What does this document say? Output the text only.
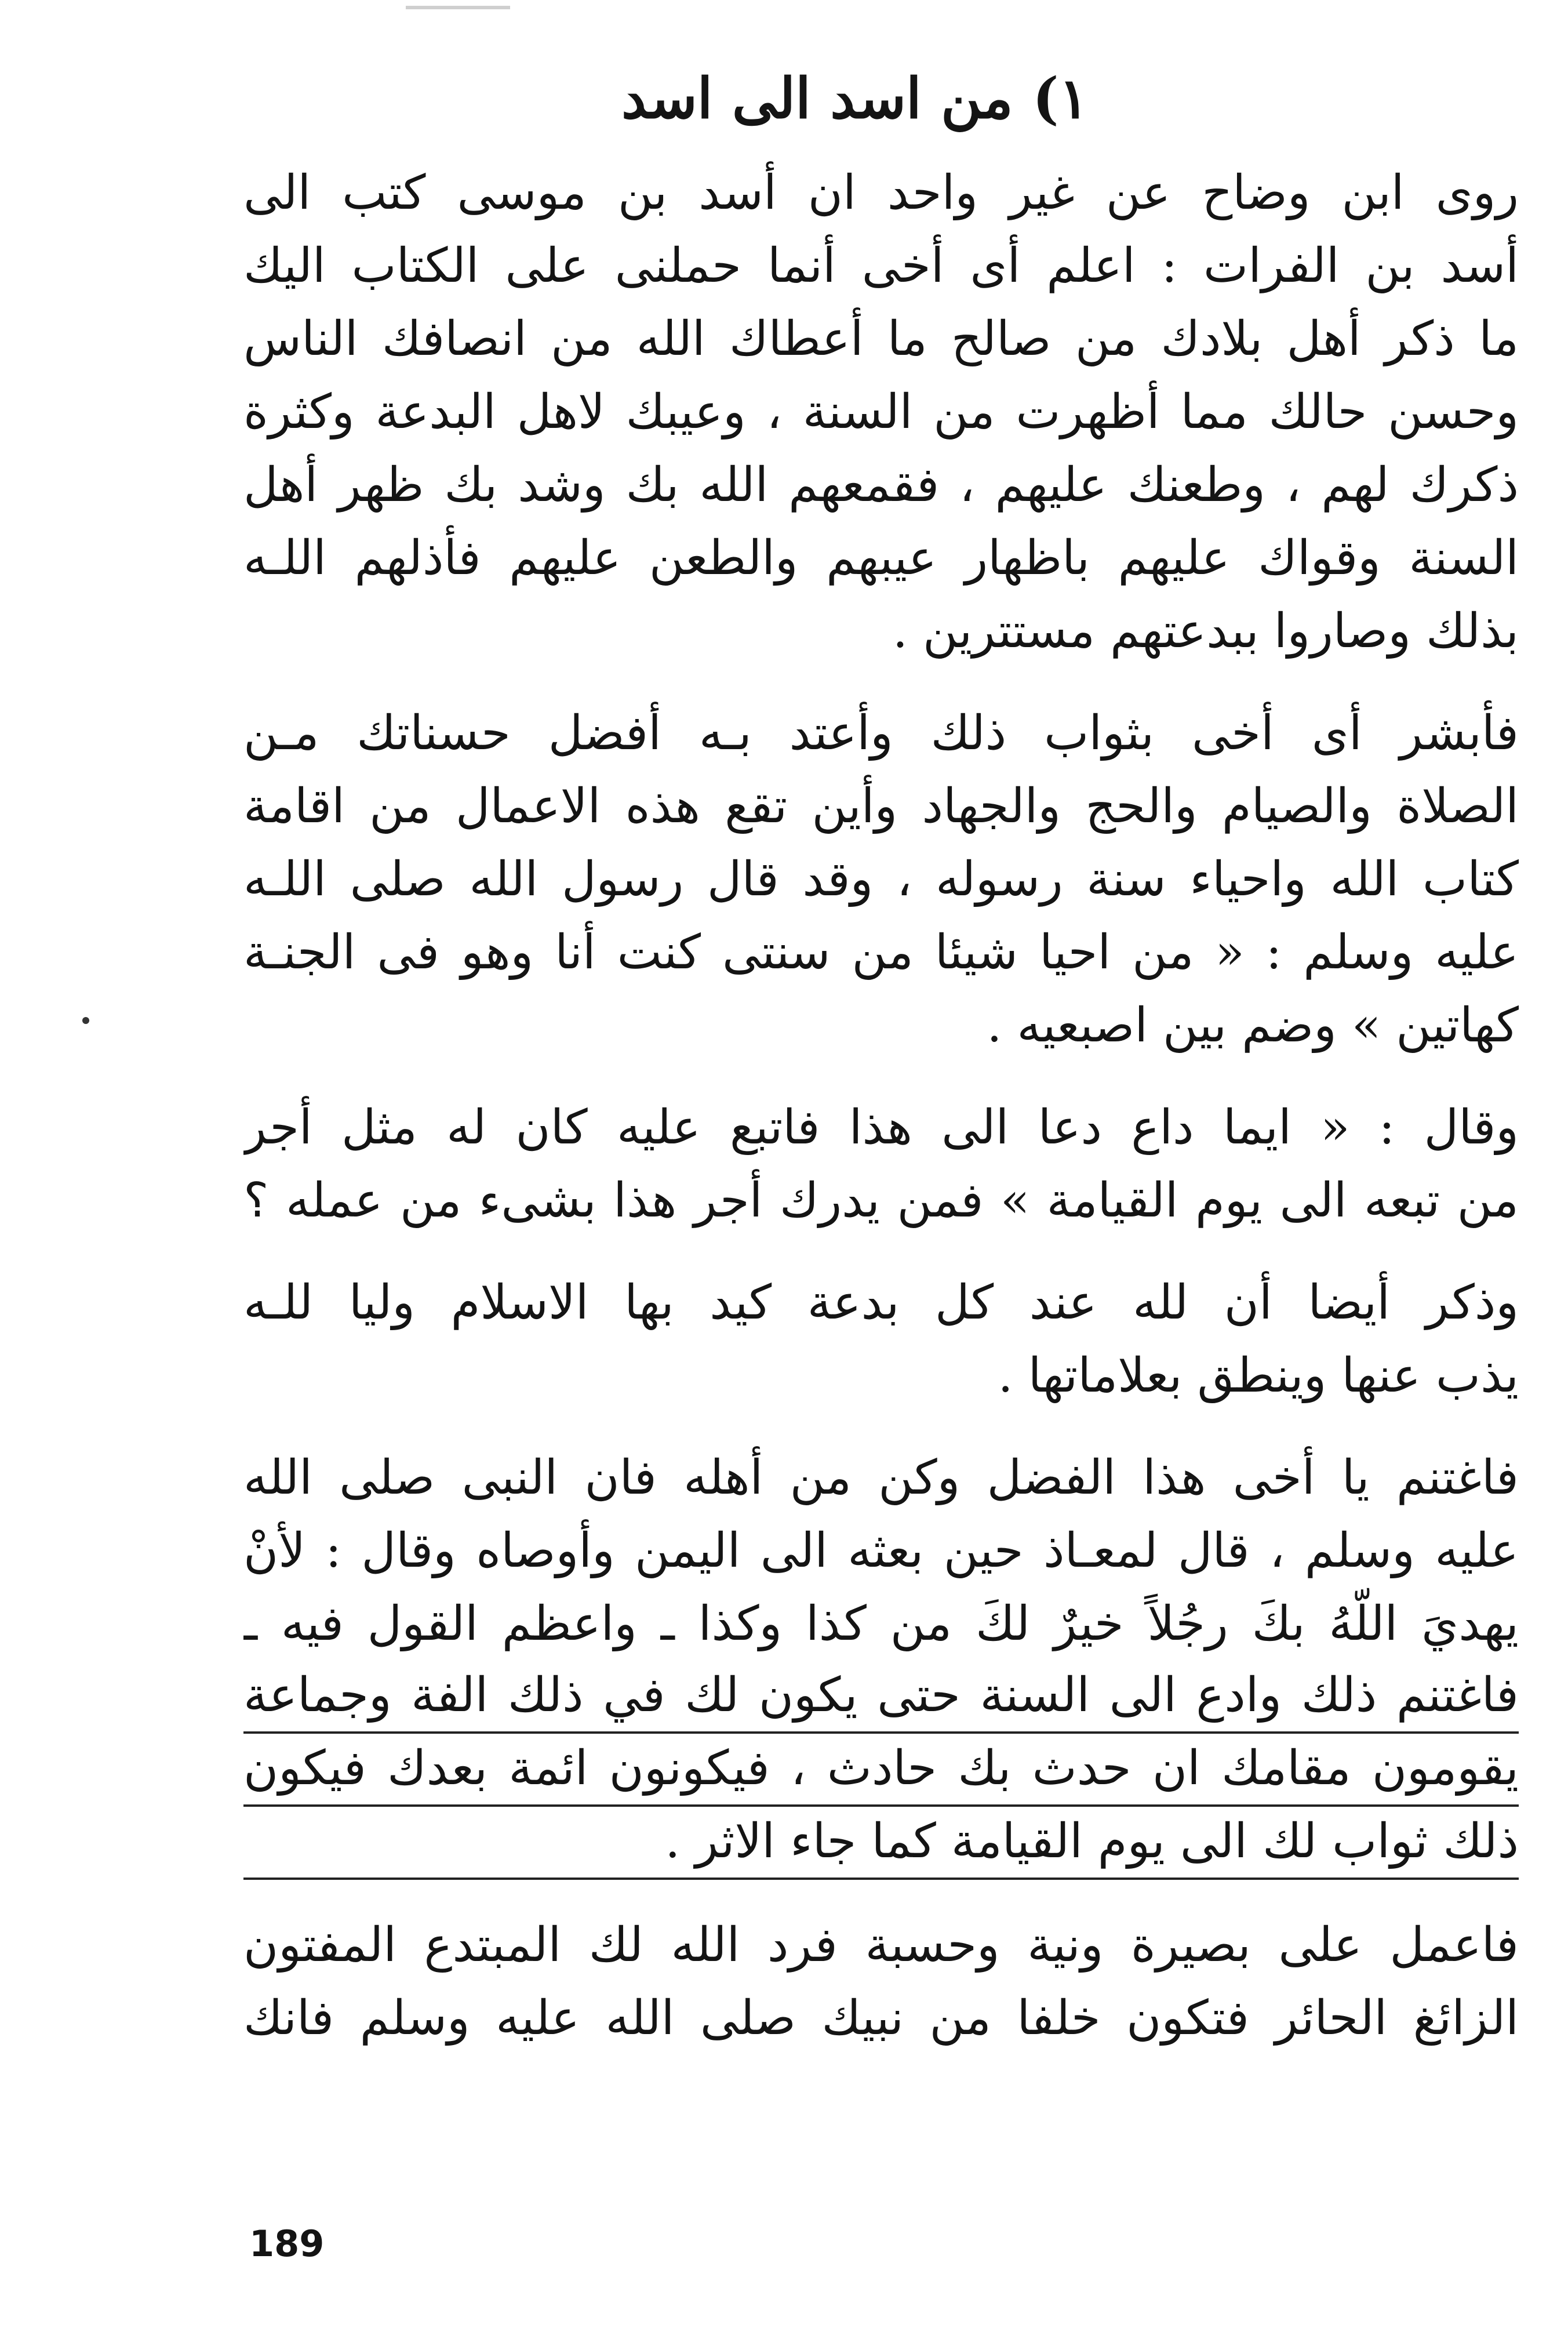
١) من اسد الى اسد
روى ابن وضاح عن غير واحد ان أسد بن موسى كتب الى
أسد بن الفرات : اعلم أى أخى أنما حملنى على الكتاب اليك
ما ذكر أهل بلادك من صالح ما أعطاك الله من انصافك الناس
وحسن حالك مما أظهرت من السنة ، وعيبك لاهل البدعة وكثرة
ذكرك لهم ، وطعنك عليهم ، فقمعهم الله بك وشد بك ظهر أهل
السنة وقواك عليهم باظهار عيبهم والطعن عليهم فأذلهم اللـه
بذلك وصاروا ببدعتهم مستترين .
فأبشر أى أخى بثواب ذلك وأعتد بـه أفضل حسناتك مـن
الصلاة والصيام والحج والجهاد وأين تقع هذه الاعمال من اقامة
كتاب الله واحياء سنة رسوله ، وقد قال رسول الله صلى اللـه
عليه وسلم : « من احيا شيئا من سنتى كنت أنا وهو فى الجنـة
كهاتين » وضم بين اصبعيه .
وقال : « ايما داع دعا الى هذا فاتبع عليه كان له مثل أجر
من تبعه الى يوم القيامة » فمن يدرك أجر هذا بشىء من عمله ؟
وذكر أيضا أن لله عند كل بدعة كيد بها الاسلام وليا للـه
يذب عنها وينطق بعلاماتها .
فاغتنم يا أخى هذا الفضل وكن من أهله فان النبى صلى الله
عليه وسلم ، قال لمعـاذ حين بعثه الى اليمن وأوصاه وقال : لأنْ
يهديَ اللَّهُ بكَ رجُلاً خيرٌ لكَ من كذا وكذا ـ واعظم القول فيه ـ
فاغتنم ذلك وادع الى السنة حتى يكون لك في ذلك الفة وجماعة
يقومون مقامك ان حدث بك حادث ، فيكونون ائمة بعدك فيكون
ذلك ثواب لك الى يوم القيامة كما جاء الاثر .
فاعمل على بصيرة ونية وحسبة فرد الله لك المبتدع المفتون
الزائغ الحائر فتكون خلفا من نبيك صلى الله عليه وسلم فانك
189
